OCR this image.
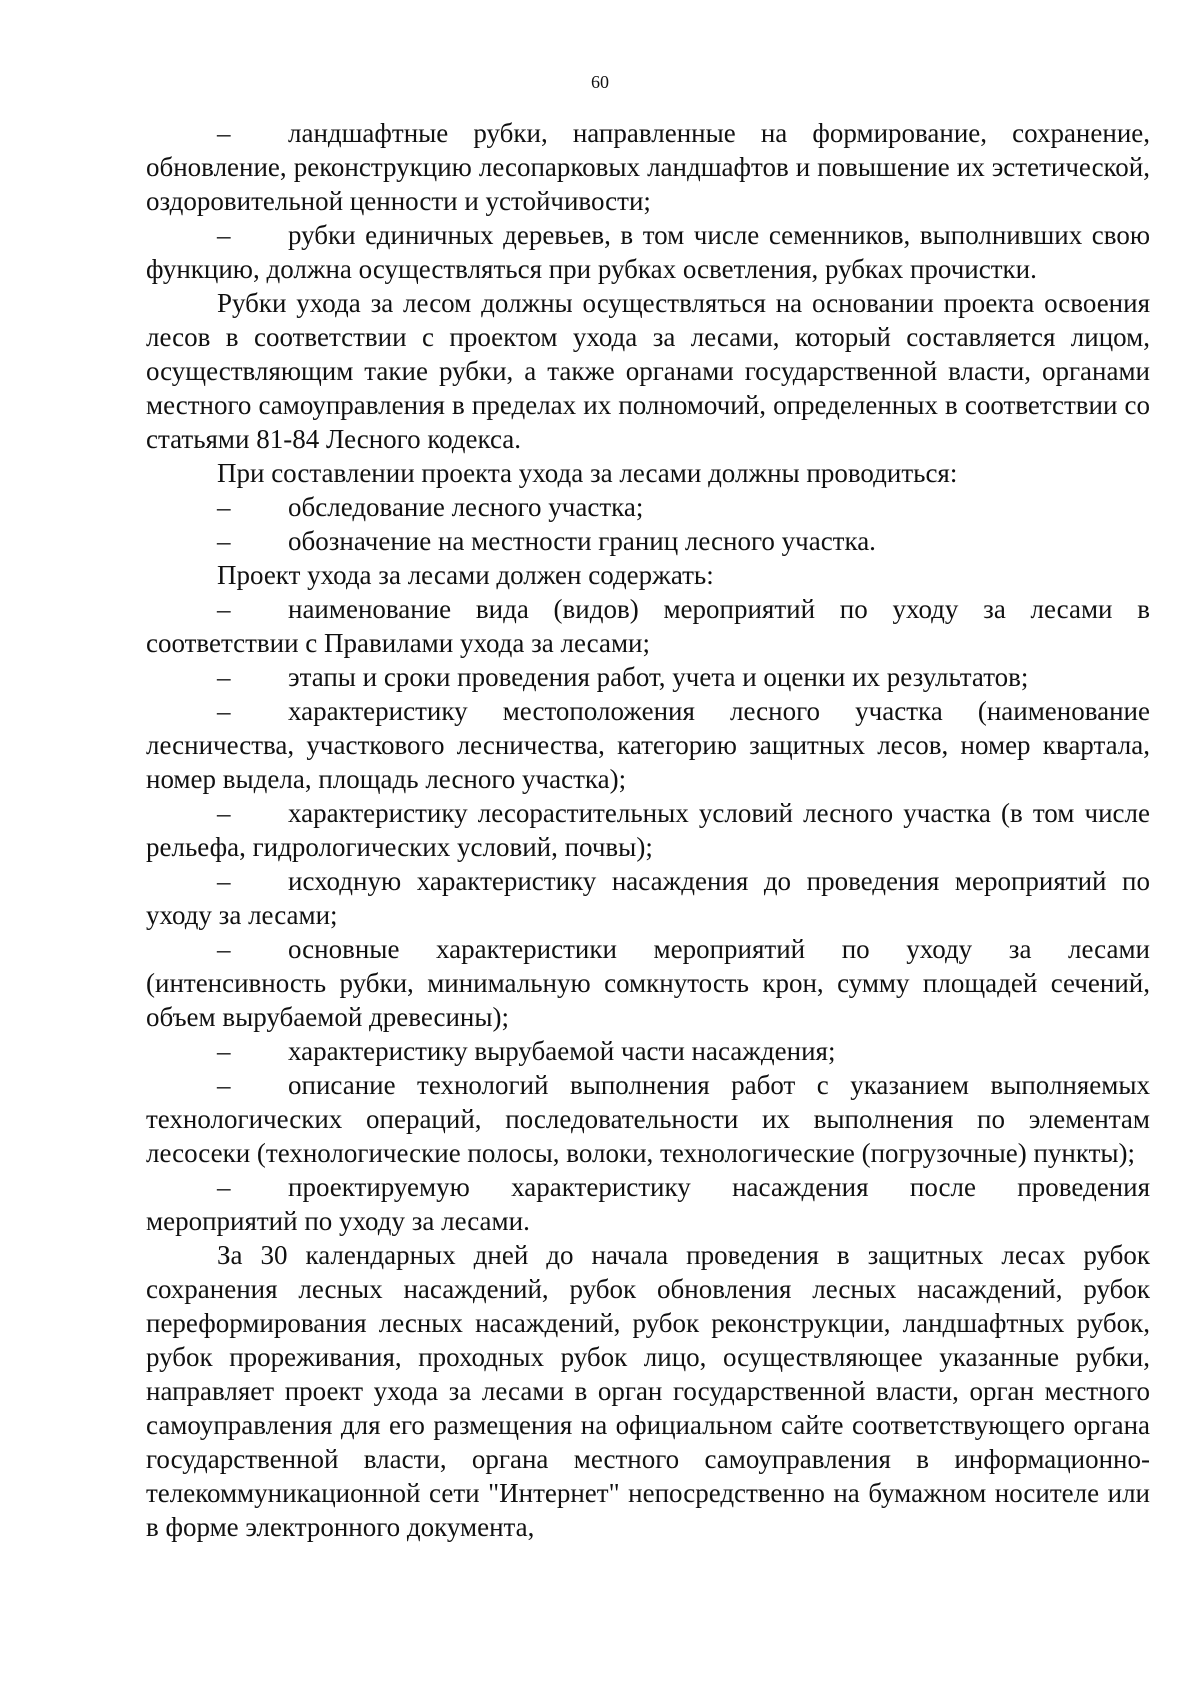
60

– ландшафтные рубки, направленные на формирование, сохранение, обновление, реконструкцию лесопарковых ландшафтов и повышение их эстетической, оздоровительной ценности и устойчивости;

– рубки единичных деревьев, в том числе семенников, выполнивших свою функцию, должна осуществляться при рубках осветления, рубках прочистки.

Рубки ухода за лесом должны осуществляться на основании проекта освоения лесов в соответствии с проектом ухода за лесами, который составляется лицом, осуществляющим такие рубки, а также органами государственной власти, органами местного самоуправления в пределах их полномочий, определенных в соответствии со статьями 81-84 Лесного кодекса.

При составлении проекта ухода за лесами должны проводиться:

– обследование лесного участка;

– обозначение на местности границ лесного участка.

Проект ухода за лесами должен содержать:

– наименование вида (видов) мероприятий по уходу за лесами в соответствии с Правилами ухода за лесами;

– этапы и сроки проведения работ, учета и оценки их результатов;

– характеристику местоположения лесного участка (наименование лесничества, участкового лесничества, категорию защитных лесов, номер квартала, номер выдела, площадь лесного участка);

– характеристику лесорастительных условий лесного участка (в том числе рельефа, гидрологических условий, почвы);

– исходную характеристику насаждения до проведения мероприятий по уходу за лесами;

– основные характеристики мероприятий по уходу за лесами (интенсивность рубки, минимальную сомкнутость крон, сумму площадей сечений, объем вырубаемой древесины);

– характеристику вырубаемой части насаждения;

– описание технологий выполнения работ с указанием выполняемых технологических операций, последовательности их выполнения по элементам лесосеки (технологические полосы, волоки, технологические (погрузочные) пункты);

– проектируемую характеристику насаждения после проведения мероприятий по уходу за лесами.

За 30 календарных дней до начала проведения в защитных лесах рубок сохранения лесных насаждений, рубок обновления лесных насаждений, рубок переформирования лесных насаждений, рубок реконструкции, ландшафтных рубок, рубок прореживания, проходных рубок лицо, осуществляющее указанные рубки, направляет проект ухода за лесами в орган государственной власти, орган местного самоуправления для его размещения на официальном сайте соответствующего органа государственной власти, органа местного самоуправления в информационно-телекоммуникационной сети "Интернет" непосредственно на бумажном носителе или в форме электронного документа,
